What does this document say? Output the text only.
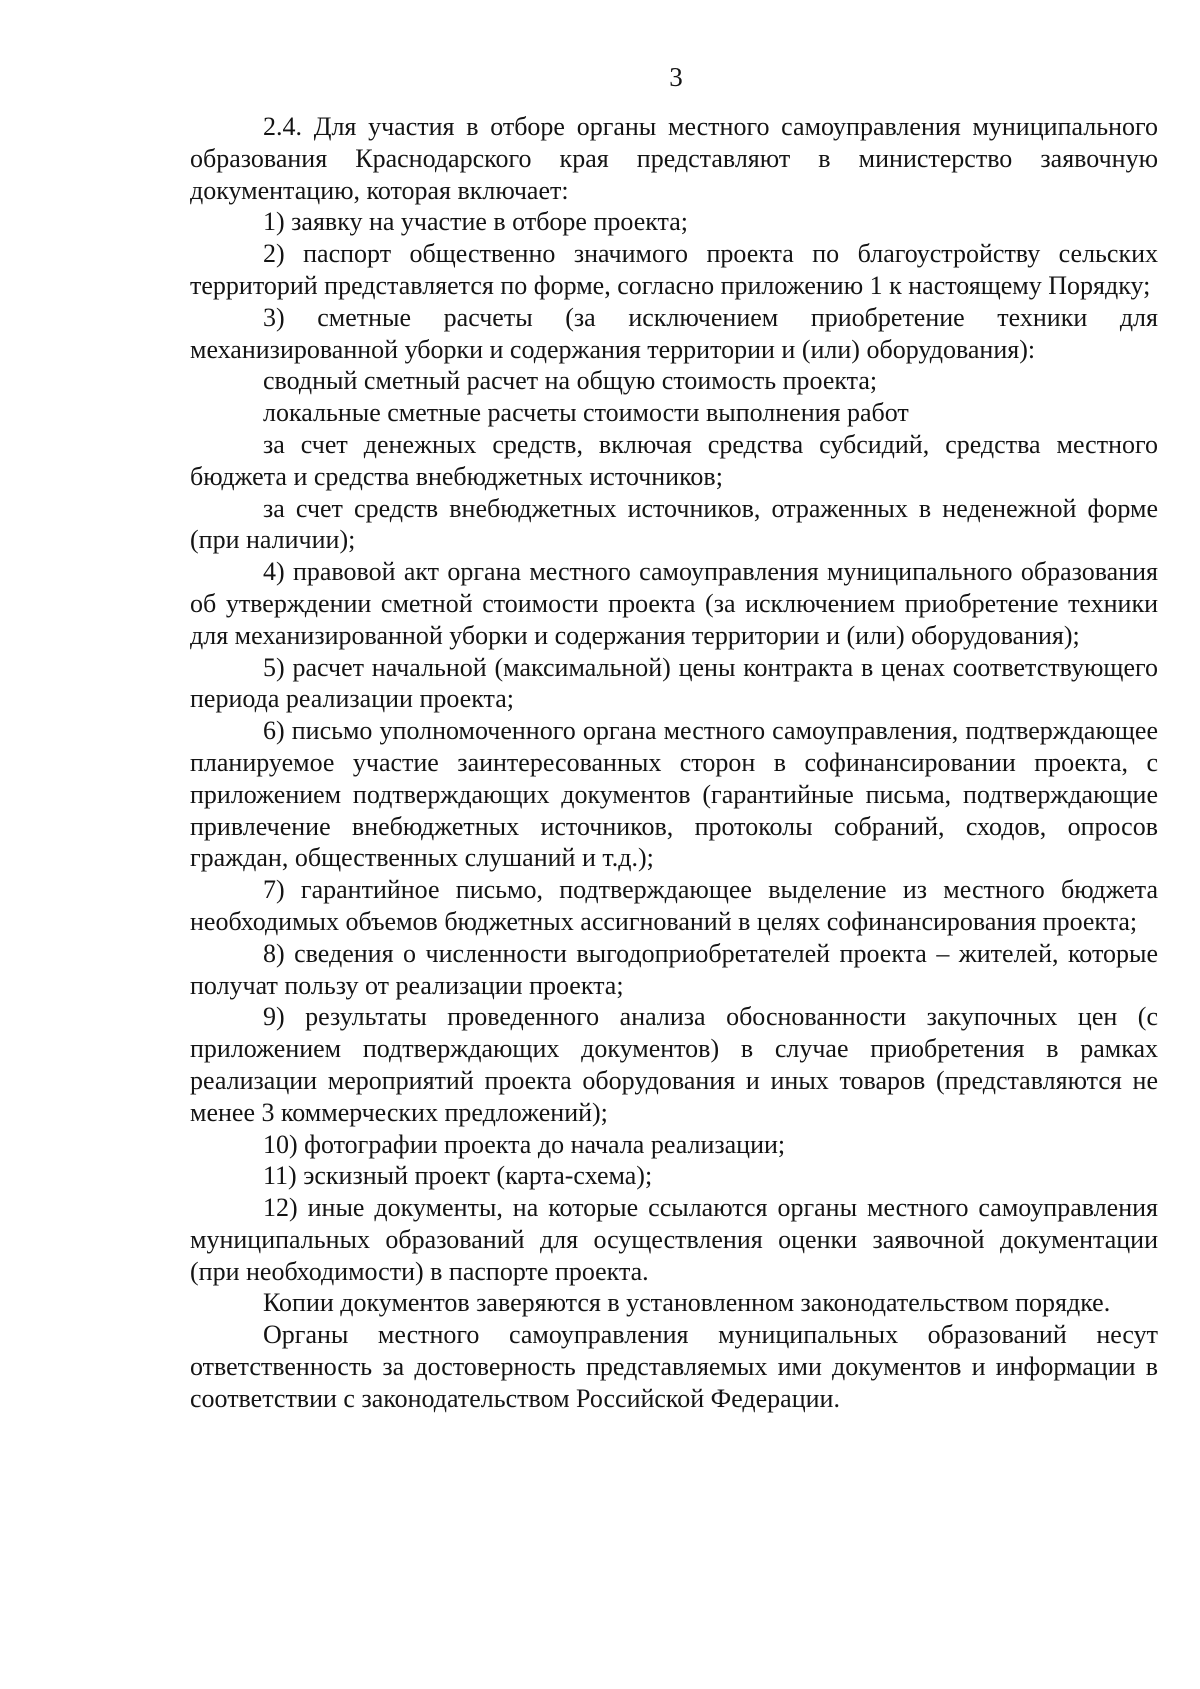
3

2.4. Для участия в отборе органы местного самоуправления муниципального образования Краснодарского края представляют в министерство заявочную документацию, которая включает:

1) заявку на участие в отборе проекта;

2) паспорт общественно значимого проекта по благоустройству сельских территорий представляется по форме, согласно приложению 1 к настоящему Порядку;

3) сметные расчеты (за исключением приобретение техники для механизированной уборки и содержания территории и (или) оборудования):

сводный сметный расчет на общую стоимость проекта;

локальные сметные расчеты стоимости выполнения работ

за счет денежных средств, включая средства субсидий, средства местного бюджета и средства внебюджетных источников;

за счет средств внебюджетных источников, отраженных в неденежной форме (при наличии);

4) правовой акт органа местного самоуправления муниципального образования об утверждении сметной стоимости проекта (за исключением приобретение техники для механизированной уборки и содержания территории и (или) оборудования);

5) расчет начальной (максимальной) цены контракта в ценах соответствующего периода реализации проекта;

6) письмо уполномоченного органа местного самоуправления, подтверждающее планируемое участие заинтересованных сторон в софинансировании проекта, с приложением подтверждающих документов (гарантийные письма, подтверждающие привлечение внебюджетных источников, протоколы собраний, сходов, опросов граждан, общественных слушаний и т.д.);

7) гарантийное письмо, подтверждающее выделение из местного бюджета необходимых объемов бюджетных ассигнований в целях софинансирования проекта;

8) сведения о численности выгодоприобретателей проекта – жителей, которые получат пользу от реализации проекта;

9) результаты проведенного анализа обоснованности закупочных цен (с приложением подтверждающих документов) в случае приобретения в рамках реализации мероприятий проекта оборудования и иных товаров (представляются не менее 3 коммерческих предложений);

10) фотографии проекта до начала реализации;

11) эскизный проект (карта-схема);

12) иные документы, на которые ссылаются органы местного самоуправления муниципальных образований для осуществления оценки заявочной документации (при необходимости) в паспорте проекта.

Копии документов заверяются в установленном законодательством порядке.

Органы местного самоуправления муниципальных образований несут ответственность за достоверность представляемых ими документов и информации в соответствии с законодательством Российской Федерации.
